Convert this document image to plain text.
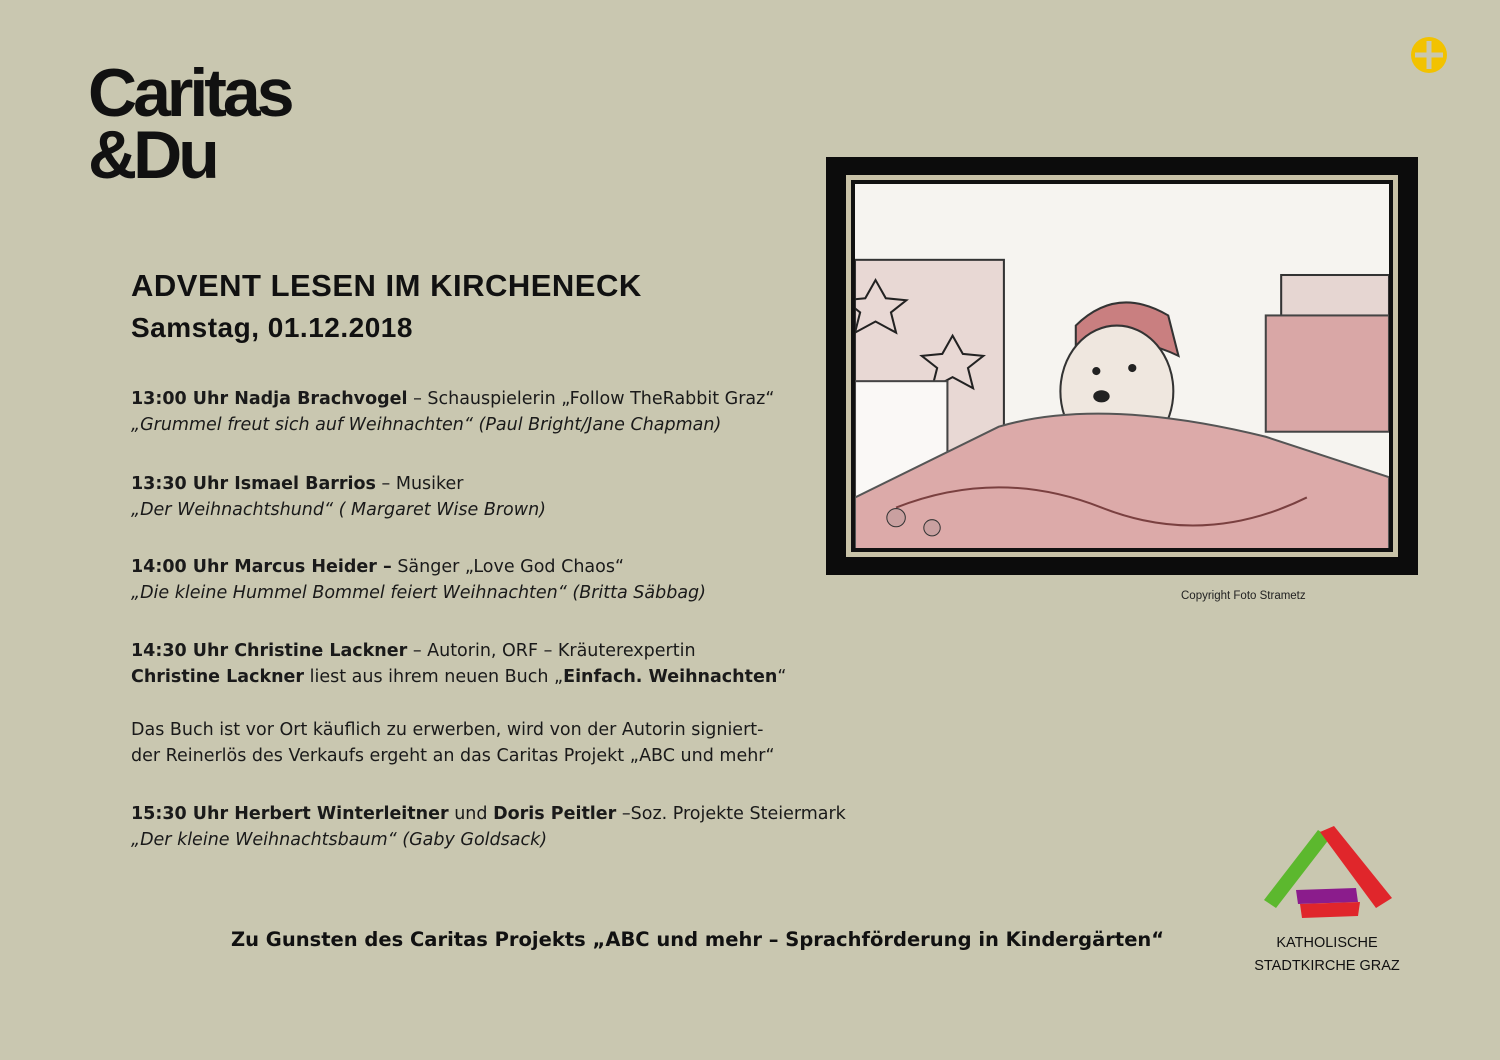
Caritas
&Du
ADVENT LESEN IM KIRCHENECK
Samstag, 01.12.2018
13:00 Uhr Nadja Brachvogel – Schauspielerin „Follow TheRabbit Graz“
„Grummel freut sich auf Weihnachten“ (Paul Bright/Jane Chapman)
13:30 Uhr Ismael Barrios – Musiker
„Der Weihnachtshund“ ( Margaret Wise Brown)
14:00 Uhr Marcus Heider – Sänger „Love God Chaos“
„Die kleine Hummel Bommel feiert Weihnachten“ (Britta Säbbag)
14:30 Uhr Christine Lackner – Autorin, ORF – Kräuterexpertin
Christine Lackner liest aus ihrem neuen Buch „Einfach. Weihnachten“
Das Buch ist vor Ort käuflich zu erwerben, wird von der Autorin signiert-
der Reinerlös des Verkaufs ergeht an das Caritas Projekt „ABC und mehr“
15:30 Uhr Herbert Winterleitner und Doris Peitler –Soz. Projekte Steiermark
„Der kleine Weihnachtsbaum“ (Gaby Goldsack)
Copyright Foto Strametz
Zu Gunsten des Caritas Projekts „ABC und mehr – Sprachförderung in Kindergärten“	KATHOLISCHE
STADTKIRCHE GRAZ
